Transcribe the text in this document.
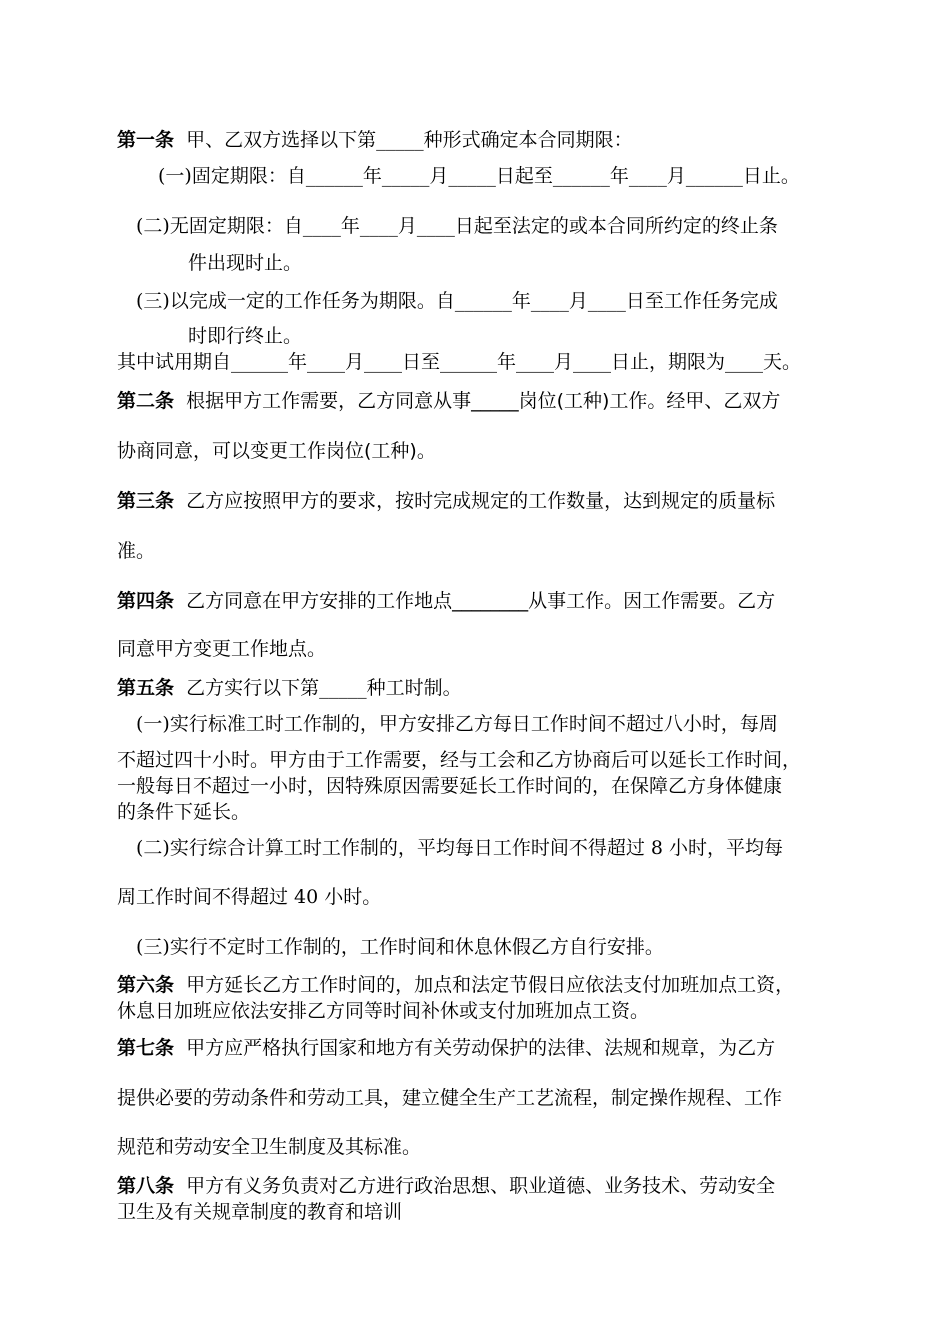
第一条 甲、乙双方选择以下第_____种形式确定本合同期限：
(一)固定期限：自______年_____月_____日起至______年____月______日止。
(二)无固定期限：自____年____月____日起至法定的或本合同所约定的终止条
件出现时止。
(三)以完成一定的工作任务为期限。自______年____月____日至工作任务完成
时即行终止。
其中试用期自______年____月____日至______年____月____日止，期限为____天。
第二条 根据甲方工作需要，乙方同意从事_____岗位(工种)工作。经甲、乙双方
协商同意，可以变更工作岗位(工种)。
第三条 乙方应按照甲方的要求，按时完成规定的工作数量，达到规定的质量标
准。
第四条 乙方同意在甲方安排的工作地点________从事工作。因工作需要。乙方
同意甲方变更工作地点。
第五条 乙方实行以下第_____种工时制。
(一)实行标准工时工作制的，甲方安排乙方每日工作时间不超过八小时，每周
不超过四十小时。甲方由于工作需要，经与工会和乙方协商后可以延长工作时间，
一般每日不超过一小时，因特殊原因需要延长工作时间的，在保障乙方身体健康
的条件下延长。
(二)实行综合计算工时工作制的，平均每日工作时间不得超过 8 小时，平均每
周工作时间不得超过 40 小时。
(三)实行不定时工作制的，工作时间和休息休假乙方自行安排。
第六条 甲方延长乙方工作时间的，加点和法定节假日应依法支付加班加点工资，
休息日加班应依法安排乙方同等时间补休或支付加班加点工资。
第七条 甲方应严格执行国家和地方有关劳动保护的法律、法规和规章，为乙方
提供必要的劳动条件和劳动工具，建立健全生产工艺流程，制定操作规程、工作
规范和劳动安全卫生制度及其标准。
第八条 甲方有义务负责对乙方进行政治思想、职业道德、业务技术、劳动安全
卫生及有关规章制度的教育和培训
